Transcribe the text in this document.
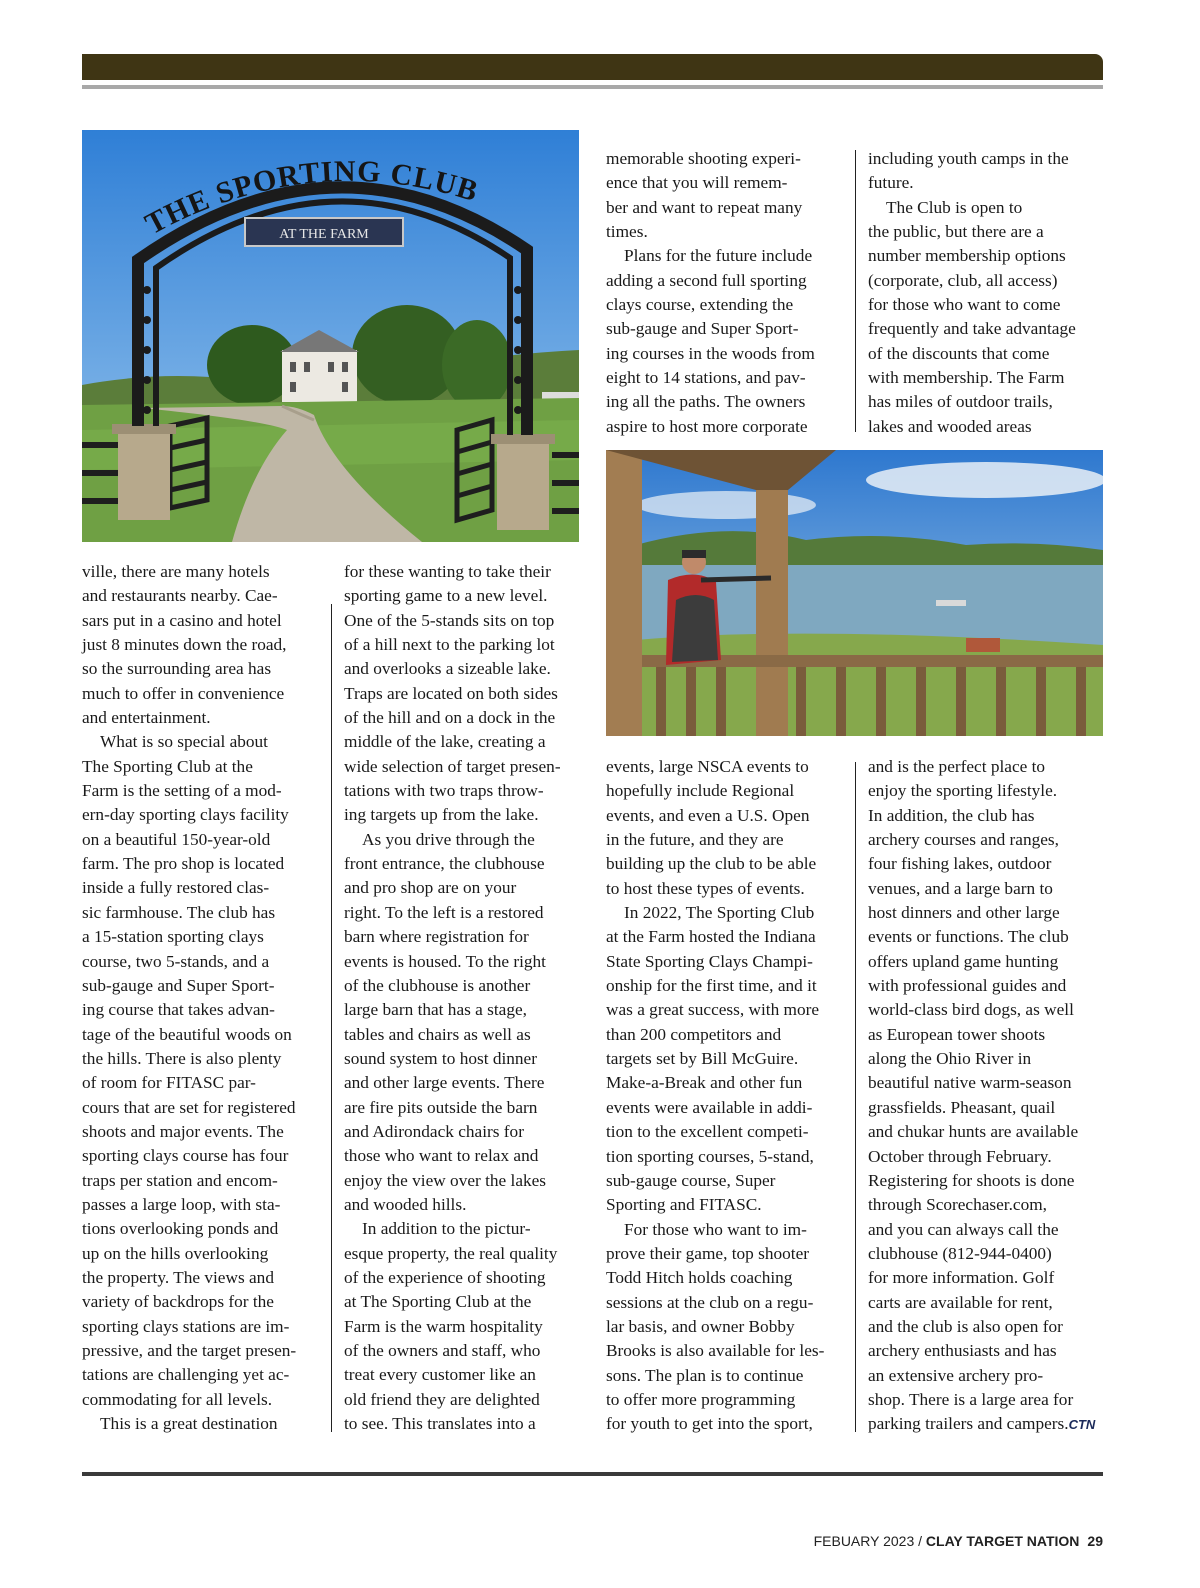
THE SPORTING CLUB
AT THE FARM

memorable shooting experi-

ence that you will remem-

ber and want to repeat many

times.

Plans for the future include

adding a second full sporting

clays course, extending the

sub-gauge and Super Sport-

ing courses in the woods from

eight to 14 stations, and pav-

ing all the paths. The owners

aspire to host more corporate

including youth camps in the

future.

The Club is open to

the public, but there are a

number membership options

(corporate, club, all access)

for those who want to come

frequently and take advantage

of the discounts that come

with membership. The Farm

has miles of outdoor trails,

lakes and wooded areas

ville, there are many hotels

and restaurants nearby. Cae-

sars put in a casino and hotel

just 8 minutes down the road,

so the surrounding area has

much to offer in convenience

and entertainment.

What is so special about

The Sporting Club at the

Farm is the setting of a mod-

ern-day sporting clays facility

on a beautiful 150-year-old

farm. The pro shop is located

inside a fully restored clas-

sic farmhouse. The club has

a 15-station sporting clays

course, two 5-stands, and a

sub-gauge and Super Sport-

ing course that takes advan-

tage of the beautiful woods on

the hills. There is also plenty

of room for FITASC par-

cours that are set for registered

shoots and major events. The

sporting clays course has four

traps per station and encom-

passes a large loop, with sta-

tions overlooking ponds and

up on the hills overlooking

the property. The views and

variety of backdrops for the

sporting clays stations are im-

pressive, and the target presen-

tations are challenging yet ac-

commodating for all levels.

This is a great destination

for these wanting to take their

sporting game to a new level.

One of the 5-stands sits on top

of a hill next to the parking lot

and overlooks a sizeable lake.

Traps are located on both sides

of the hill and on a dock in the

middle of the lake, creating a

wide selection of target presen-

tations with two traps throw-

ing targets up from the lake.

As you drive through the

front entrance, the clubhouse

and pro shop are on your

right. To the left is a restored

barn where registration for

events is housed. To the right

of the clubhouse is another

large barn that has a stage,

tables and chairs as well as

sound system to host dinner

and other large events. There

are fire pits outside the barn

and Adirondack chairs for

those who want to relax and

enjoy the view over the lakes

and wooded hills.

In addition to the pictur-

esque property, the real quality

of the experience of shooting

at The Sporting Club at the

Farm is the warm hospitality

of the owners and staff, who

treat every customer like an

old friend they are delighted

to see. This translates into a

events, large NSCA events to

hopefully include Regional

events, and even a U.S. Open

in the future, and they are

building up the club to be able

to host these types of events.

In 2022, The Sporting Club

at the Farm hosted the Indiana

State Sporting Clays Champi-

onship for the first time, and it

was a great success, with more

than 200 competitors and

targets set by Bill McGuire.

Make-a-Break and other fun

events were available in addi-

tion to the excellent competi-

tion sporting courses, 5-stand,

sub-gauge course, Super

Sporting and FITASC.

For those who want to im-

prove their game, top shooter

Todd Hitch holds coaching

sessions at the club on a regu-

lar basis, and owner Bobby

Brooks is also available for les-

sons. The plan is to continue

to offer more programming

for youth to get into the sport,

and is the perfect place to

enjoy the sporting lifestyle.

In addition, the club has

archery courses and ranges,

four fishing lakes, outdoor

venues, and a large barn to

host dinners and other large

events or functions. The club

offers upland game hunting

with professional guides and

world-class bird dogs, as well

as European tower shoots

along the Ohio River in

beautiful native warm-season

grassfields. Pheasant, quail

and chukar hunts are available

October through February.

Registering for shoots is done

through Scorechaser.com,

and you can always call the

clubhouse (812-944-0400)

for more information. Golf

carts are available for rent,

and the club is also open for

archery enthusiasts and has

an extensive archery pro-

shop. There is a large area for

parking trailers and campers.CTN

FEBUARY 2023 / CLAY TARGET NATION 29
